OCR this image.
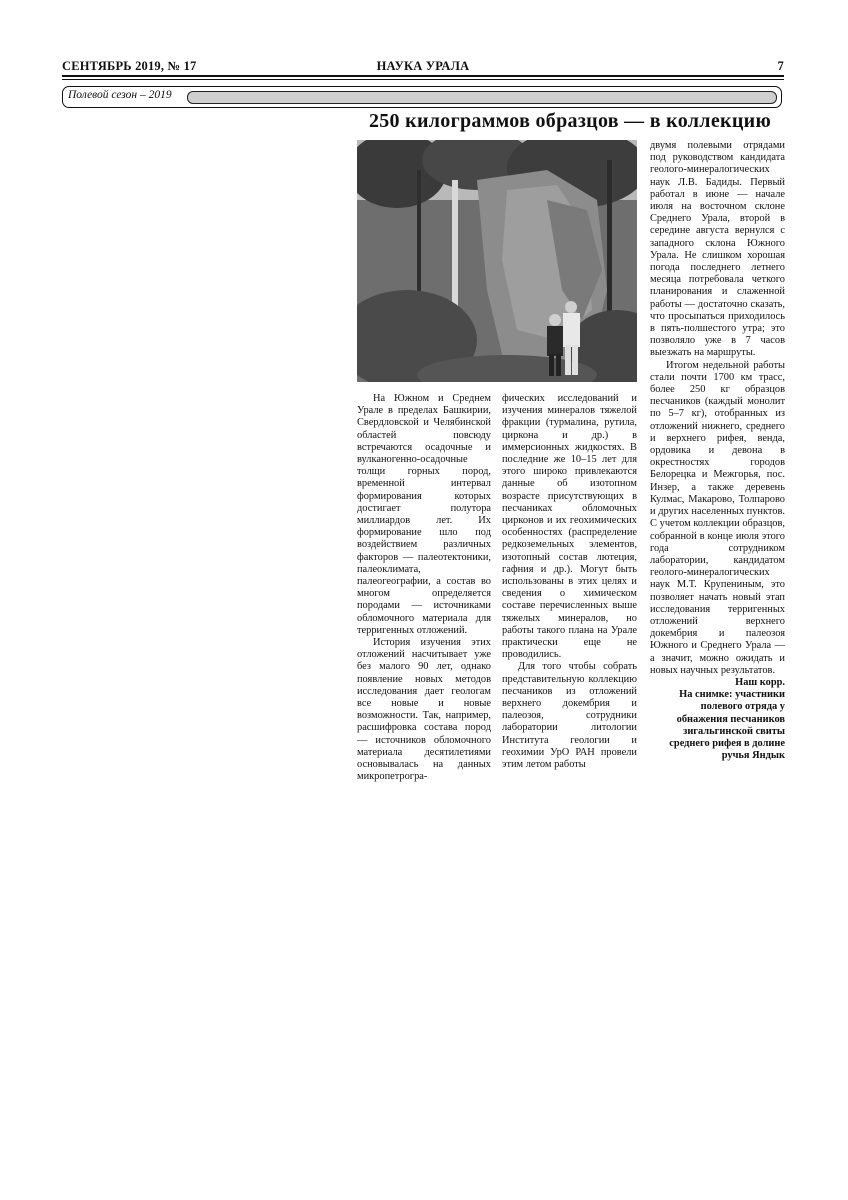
СЕНТЯБРЬ 2019, № 17	НАУКА УРАЛА	7
Полевой сезон – 2019
250 килограммов образцов — в коллекцию

На Южном и Среднем Урале в пределах Башкирии, Свердловской и Челябинской областей повсюду встречаются осадочные и вулканогенно-осадочные толщи горных пород, временной интервал формирования которых достигает полутора миллиардов лет. Их формирование шло под воздействием различных факторов — палеотектоники, палеоклимата, палеогеографии, а состав во многом определяется породами — источниками обломочного материала для терригенных отложений.

История изучения этих отложений насчитывает уже без малого 90 лет, однако появление новых методов исследования дает геологам все новые и новые возможности. Так, например, расшифровка состава пород — источников обломочного материала десятилетиями основывалась на данных микропетрогра-

фических исследований и изучения минералов тяжелой фракции (турмалина, рутила, циркона и др.) в иммерсионных жидкостях. В последние же 10–15 лет для этого широко привлекаются данные об изотопном возрасте присутствующих в песчаниках обломочных цирконов и их геохимических особенностях (распределение редкоземельных элементов, изотопный состав лютеция, гафния и др.). Могут быть использованы в этих целях и сведения о химическом составе перечисленных выше тяжелых минералов, но работы такого плана на Урале практически еще не проводились.

Для того чтобы собрать представительную коллекцию песчаников из отложений верхнего докембрия и палеозоя, сотрудники лаборатории литологии Института геологии и геохимии УрО РАН провели этим летом работы

двумя полевыми отрядами под руководством кандидата геолого-минералогических наук Л.В. Бадиды. Первый работал в июне — начале июля на восточном склоне Среднего Урала, второй в середине августа вернулся с западного склона Южного Урала. Не слишком хорошая погода последнего летнего месяца потребовала четкого планирования и слаженной работы — достаточно сказать, что просыпаться приходилось в пять-полшестого утра; это позволяло уже в 7 часов выезжать на маршруты.

Итогом недельной работы стали почти 1700 км трасс, более 250 кг образцов песчаников (каждый монолит по 5–7 кг), отобранных из отложений нижнего, среднего и верхнего рифея, венда, ордовика и девона в окрестностях городов Белорецка и Межгорья, пос. Инзер, а также деревень Кулмас, Макарово, Толпарово и других населенных пунктов. С учетом коллекции образцов, собранной в конце июля этого года сотрудником лаборатории, кандидатом геолого-минералогических наук М.Т. Крупениным, это позволяет начать новый этап исследования терригенных отложений верхнего докембрия и палеозоя Южного и Среднего Урала — а значит, можно ожидать и новых научных результатов.

Наш корр.
На снимке: участники полевого отряда у обнажения песчаников зигальгинской свиты среднего рифея в долине ручья Яндык
